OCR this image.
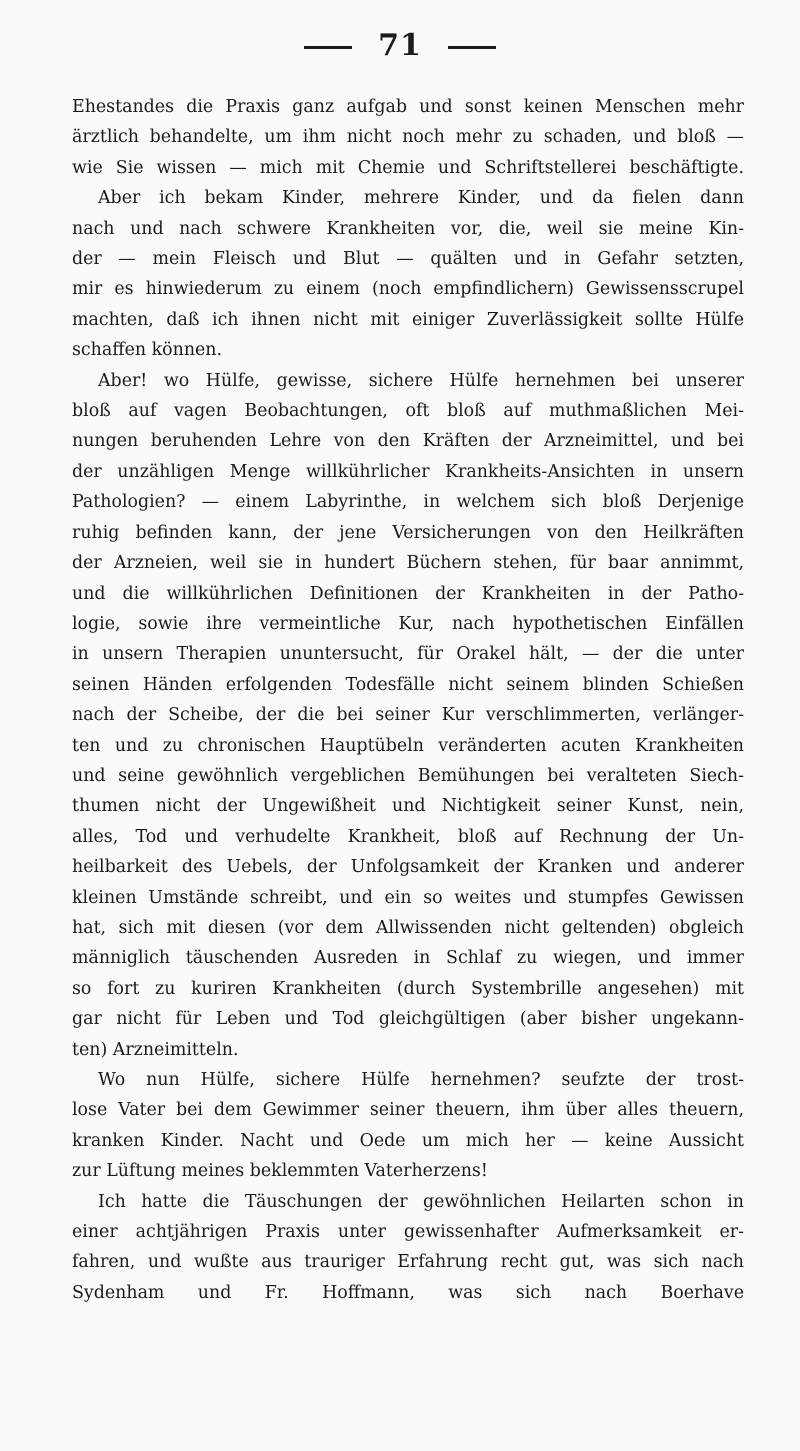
71

Ehestandes die Praxis ganz aufgab und sonst keinen Menschen mehr

ärztlich behandelte, um ihm nicht noch mehr zu schaden, und bloß —

wie Sie wissen — mich mit Chemie und Schriftstellerei beschäftigte.

Aber ich bekam Kinder, mehrere Kinder, und da fielen dann

nach und nach schwere Krankheiten vor, die, weil sie meine Kin-

der — mein Fleisch und Blut — quälten und in Gefahr setzten,

mir es hinwiederum zu einem (noch empfindlichern) Gewissensscrupel

machten, daß ich ihnen nicht mit einiger Zuverlässigkeit sollte Hülfe

schaffen können.

Aber! wo Hülfe, gewisse, sichere Hülfe hernehmen bei unserer

bloß auf vagen Beobachtungen, oft bloß auf muthmaßlichen Mei-

nungen beruhenden Lehre von den Kräften der Arzneimittel, und bei

der unzähligen Menge willkührlicher Krankheits-Ansichten in unsern

Pathologien? — einem Labyrinthe, in welchem sich bloß Derjenige

ruhig befinden kann, der jene Versicherungen von den Heilkräften

der Arzneien, weil sie in hundert Büchern stehen, für baar annimmt,

und die willkührlichen Definitionen der Krankheiten in der Patho-

logie, sowie ihre vermeintliche Kur, nach hypothetischen Einfällen

in unsern Therapien ununtersucht, für Orakel hält, — der die unter

seinen Händen erfolgenden Todesfälle nicht seinem blinden Schießen

nach der Scheibe, der die bei seiner Kur verschlimmerten, verlänger-

ten und zu chronischen Hauptübeln veränderten acuten Krankheiten

und seine gewöhnlich vergeblichen Bemühungen bei veralteten Siech-

thumen nicht der Ungewißheit und Nichtigkeit seiner Kunst, nein,

alles, Tod und verhudelte Krankheit, bloß auf Rechnung der Un-

heilbarkeit des Uebels, der Unfolgsamkeit der Kranken und anderer

kleinen Umstände schreibt, und ein so weites und stumpfes Gewissen

hat, sich mit diesen (vor dem Allwissenden nicht geltenden) obgleich

männiglich täuschenden Ausreden in Schlaf zu wiegen, und immer

so fort zu kuriren Krankheiten (durch Systembrille angesehen) mit

gar nicht für Leben und Tod gleichgültigen (aber bisher ungekann-

ten) Arzneimitteln.

Wo nun Hülfe, sichere Hülfe hernehmen? seufzte der trost-

lose Vater bei dem Gewimmer seiner theuern, ihm über alles theuern,

kranken Kinder. Nacht und Oede um mich her — keine Aussicht

zur Lüftung meines beklemmten Vaterherzens!

Ich hatte die Täuschungen der gewöhnlichen Heilarten schon in

einer achtjährigen Praxis unter gewissenhafter Aufmerksamkeit er-

fahren, und wußte aus trauriger Erfahrung recht gut, was sich nach

Sydenham und Fr. Hoffmann, was sich nach Boerhave
